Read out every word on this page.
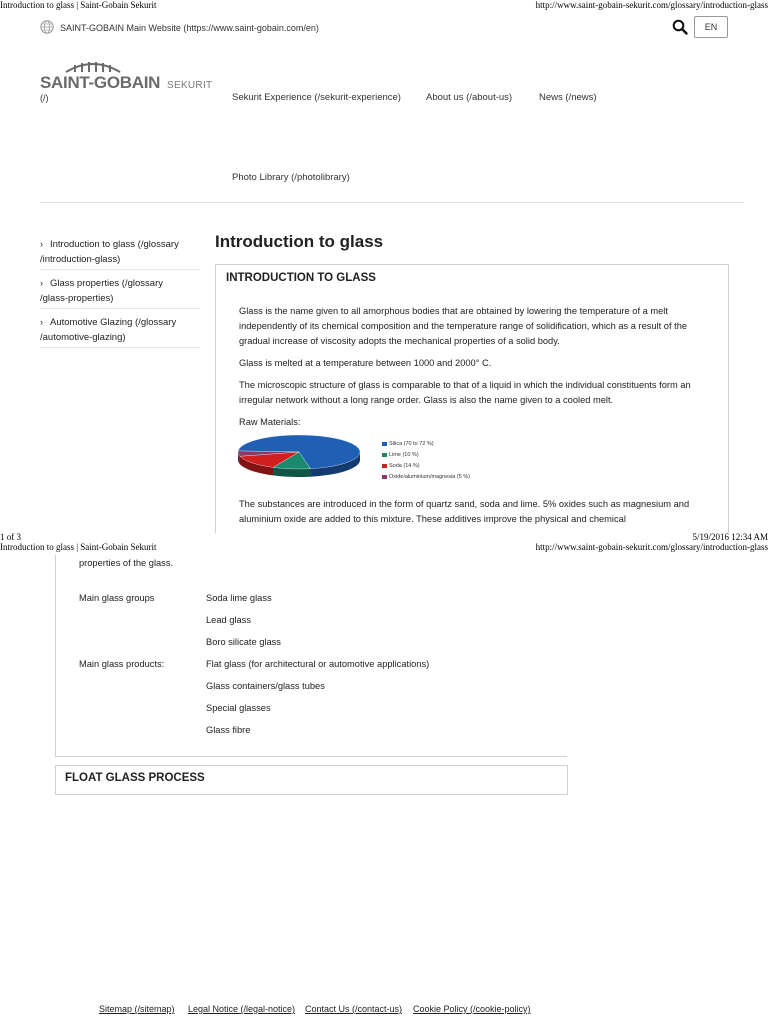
Introduction to glass | Saint-Gobain Sekurit	http://www.saint-gobain-sekurit.com/glossary/introduction-glass
SAINT-GOBAIN Main Website (https://www.saint-gobain.com/en)	EN
SAINT-GOBAIN SEKURIT
(/)	Sekurit Experience (/sekurit-experience)	About us (/about-us)	News (/news)
Photo Library (/photolibrary)
› Introduction to glass (/glossary
/introduction-glass)
› Glass properties (/glossary
/glass-properties)
› Automotive Glazing (/glossary
/automotive-glazing)
Introduction to glass
INTRODUCTION TO GLASS
Glass is the name given to all amorphous bodies that are obtained by lowering the temperature of a melt independently of its chemical composition and the temperature range of solidification, which as a result of the gradual increase of viscosity adopts the mechanical properties of a solid body.
Glass is melted at a temperature between 1000 and 2000° C.
The microscopic structure of glass is comparable to that of a liquid in which the individual constituents form an irregular network without a long range order. Glass is also the name given to a cooled melt.
Raw Materials:
Silica (70 to 72 %)
Lime (10 %)
Soda (14 %)
Oxide/aluminium/magnesia (5 %)
The substances are introduced in the form of quartz sand, soda and lime. 5% oxides such as magnesium and aluminium oxide are added to this mixture. These additives improve the physical and chemical
1 of 3	5/19/2016 12:34 AM
Introduction to glass | Saint-Gobain Sekurit	http://www.saint-gobain-sekurit.com/glossary/introduction-glass
properties of the glass.
Main glass groups	Soda lime glass
Lead glass
Boro silicate glass
Main glass products:	Flat glass (for architectural or automotive applications)
Glass containers/glass tubes
Special glasses
Glass fibre
FLOAT GLASS PROCESS
Sitemap (/sitemap) Legal Notice (/legal-notice) Contact Us (/contact-us) Cookie Policy (/cookie-policy)
